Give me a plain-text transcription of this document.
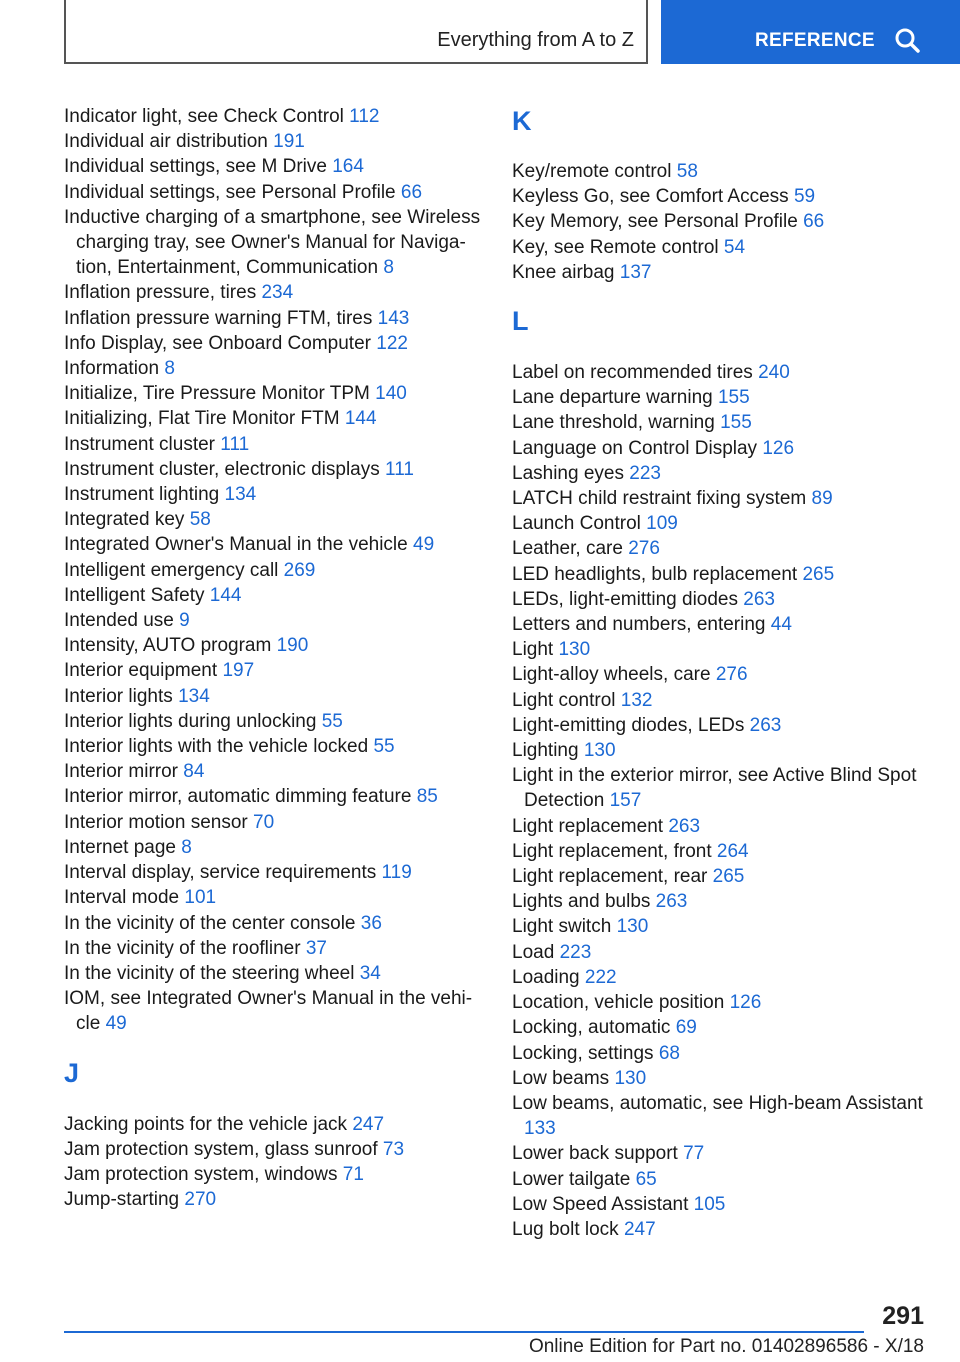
Everything from A to Z	REFERENCE
Indicator light, see Check Control 112
Individual air distribution 191
Individual settings, see M Drive 164
Individual settings, see Personal Profile 66
Inductive charging of a smartphone, see Wireless charging tray, see Owner's Manual for Navigation, Entertainment, Communication 8
Inflation pressure, tires 234
Inflation pressure warning FTM, tires 143
Info Display, see Onboard Computer 122
Information 8
Initialize, Tire Pressure Monitor TPM 140
Initializing, Flat Tire Monitor FTM 144
Instrument cluster 111
Instrument cluster, electronic displays 111
Instrument lighting 134
Integrated key 58
Integrated Owner's Manual in the vehicle 49
Intelligent emergency call 269
Intelligent Safety 144
Intended use 9
Intensity, AUTO program 190
Interior equipment 197
Interior lights 134
Interior lights during unlocking 55
Interior lights with the vehicle locked 55
Interior mirror 84
Interior mirror, automatic dimming feature 85
Interior motion sensor 70
Internet page 8
Interval display, service requirements 119
Interval mode 101
In the vicinity of the center console 36
In the vicinity of the roofliner 37
In the vicinity of the steering wheel 34
IOM, see Integrated Owner's Manual in the vehicle 49
J
Jacking points for the vehicle jack 247
Jam protection system, glass sunroof 73
Jam protection system, windows 71
Jump-starting 270
K
Key/remote control 58
Keyless Go, see Comfort Access 59
Key Memory, see Personal Profile 66
Key, see Remote control 54
Knee airbag 137
L
Label on recommended tires 240
Lane departure warning 155
Lane threshold, warning 155
Language on Control Display 126
Lashing eyes 223
LATCH child restraint fixing system 89
Launch Control 109
Leather, care 276
LED headlights, bulb replacement 265
LEDs, light-emitting diodes 263
Letters and numbers, entering 44
Light 130
Light-alloy wheels, care 276
Light control 132
Light-emitting diodes, LEDs 263
Lighting 130
Light in the exterior mirror, see Active Blind Spot Detection 157
Light replacement 263
Light replacement, front 264
Light replacement, rear 265
Lights and bulbs 263
Light switch 130
Load 223
Loading 222
Location, vehicle position 126
Locking, automatic 69
Locking, settings 68
Low beams 130
Low beams, automatic, see High-beam Assistant 133
Lower back support 77
Lower tailgate 65
Low Speed Assistant 105
Lug bolt lock 247
291
Online Edition for Part no. 01402896586 - X/18
